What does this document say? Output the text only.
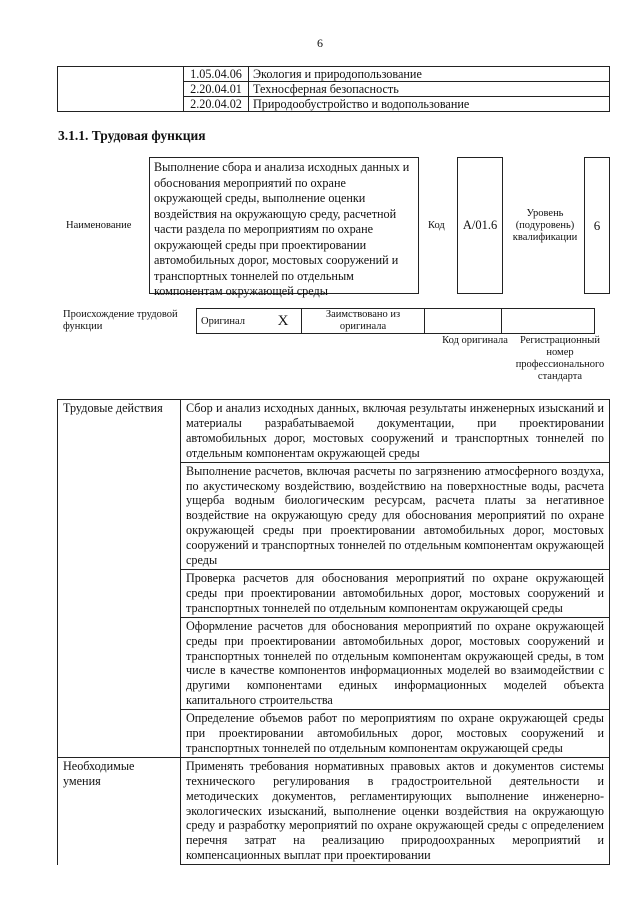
6
	1.05.04.06	Экология и природопользование
	2.20.04.01	Техносферная безопасность
	2.20.04.02	Природообустройство и водопользование
3.1.1. Трудовая функция
Наименование
Выполнение сбора и анализа исходных данных и обоснования мероприятий по охране окружающей среды, выполнение оценки воздействия на окружающую среду, расчетной части раздела по мероприятиям по охране окружающей среды при проектировании автомобильных дорог, мостовых сооружений и транспортных тоннелей по отдельным компонентам окружающей среды
Код A/01.6
Уровень (подуровень) квалификации
6
Происхождение трудовой функции	Оригинал	X	Заимствовано из оригинала		
Код оригинала	Регистрационный номер профессионального стандарта
Трудовые действия	Сбор и анализ исходных данных, включая результаты инженерных изысканий и материалы разрабатываемой документации, при проектировании автомобильных дорог, мостовых сооружений и транспортных тоннелей по отдельным компонентам окружающей среды
	Выполнение расчетов, включая расчеты по загрязнению атмосферного воздуха, по акустическому воздействию, воздействию на поверхностные воды, расчета ущерба водным биологическим ресурсам, расчета платы за негативное воздействие на окружающую среду для обоснования мероприятий по охране окружающей среды при проектировании автомобильных дорог, мостовых сооружений и транспортных тоннелей по отдельным компонентам окружающей среды
	Проверка расчетов для обоснования мероприятий по охране окружающей среды при проектировании автомобильных дорог, мостовых сооружений и транспортных тоннелей по отдельным компонентам окружающей среды
	Оформление расчетов для обоснования мероприятий по охране окружающей среды при проектировании автомобильных дорог, мостовых сооружений и транспортных тоннелей по отдельным компонентам окружающей среды, в том числе в качестве компонентов информационных моделей во взаимодействии с другими компонентами единых информационных моделей объекта капитального строительства
	Определение объемов работ по мероприятиям по охране окружающей среды при проектировании автомобильных дорог, мостовых сооружений и транспортных тоннелей по отдельным компонентам окружающей среды
Необходимые умения	Применять требования нормативных правовых актов и документов системы технического регулирования в градостроительной деятельности и методических документов, регламентирующих выполнение инженерно-экологических изысканий, выполнение оценки воздействия на окружающую среду и разработку мероприятий по охране окружающей среды с определением перечня затрат на реализацию природоохранных мероприятий и компенсационных выплат при проектировании
